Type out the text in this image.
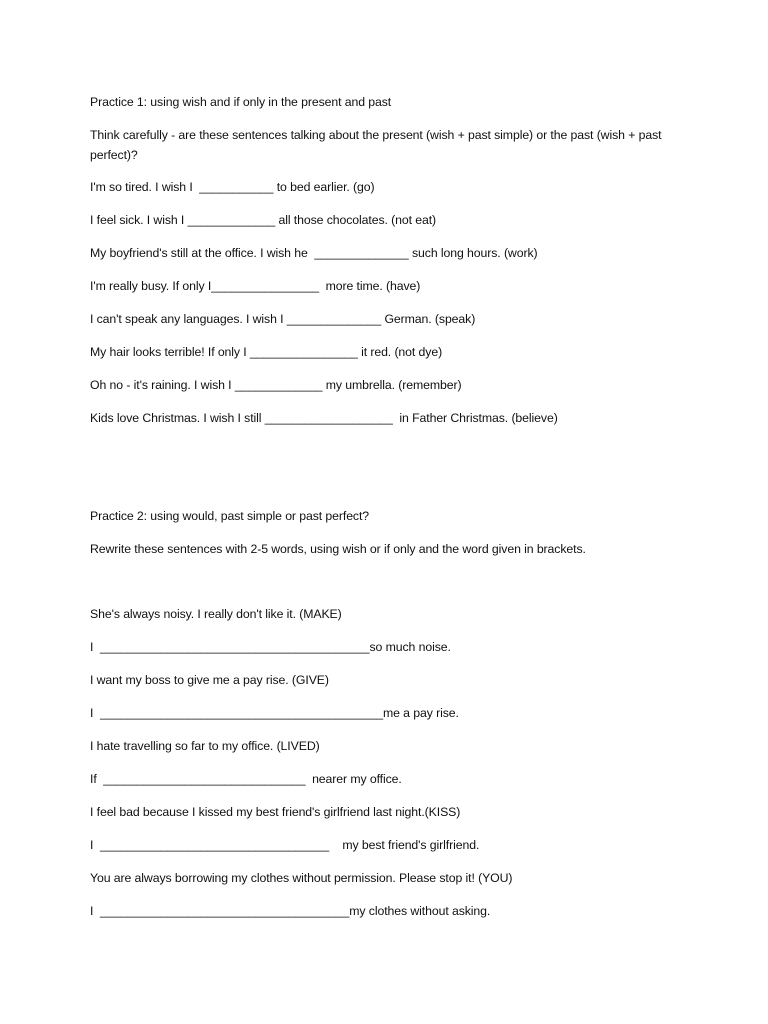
Practice 1: using wish and if only in the present and past
Think carefully - are these sentences talking about the present (wish + past simple) or the past (wish + past perfect)?
I'm so tired. I wish I  ___________ to bed earlier. (go)
I feel sick. I wish I _____________ all those chocolates. (not eat)
My boyfriend's still at the office. I wish he  ______________ such long hours. (work)
I'm really busy. If only I________________  more time. (have)
I can't speak any languages. I wish I ______________ German. (speak)
My hair looks terrible! If only I ________________ it red. (not dye)
Oh no - it's raining. I wish I _____________ my umbrella. (remember)
Kids love Christmas. I wish I still ___________________  in Father Christmas. (believe)
Practice 2: using would, past simple or past perfect?
Rewrite these sentences with 2-5 words, using wish or if only and the word given in brackets.
She's always noisy. I really don't like it. (MAKE)
I  ________________________________________so much noise.
I want my boss to give me a pay rise. (GIVE)
I  __________________________________________me a pay rise.
I hate travelling so far to my office. (LIVED)
If  ______________________________  nearer my office.
I feel bad because I kissed my best friend's girlfriend last night.(KISS)
I  __________________________________    my best friend's girlfriend.
You are always borrowing my clothes without permission. Please stop it! (YOU)
I  _____________________________________my clothes without asking.
